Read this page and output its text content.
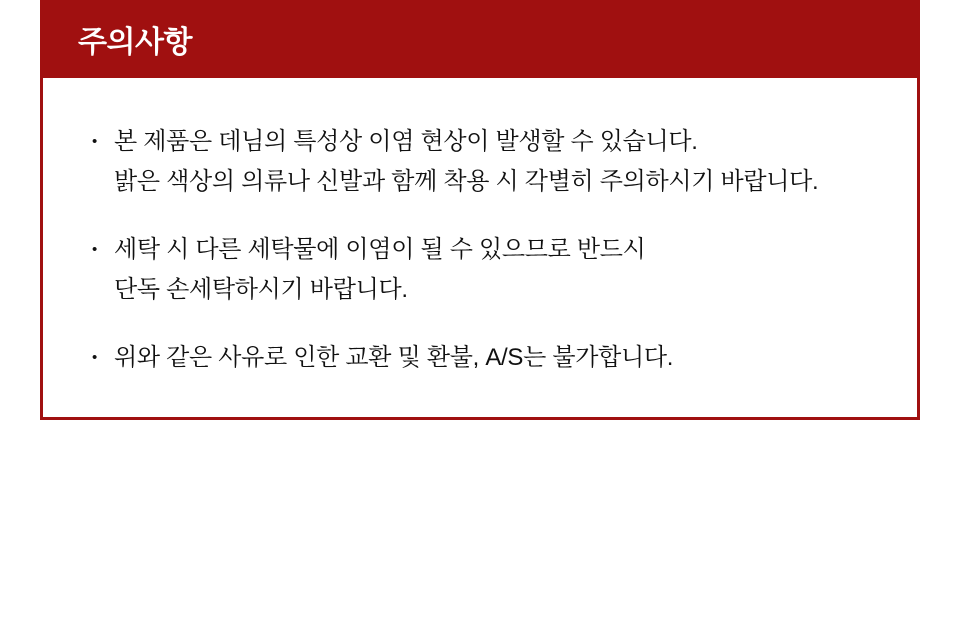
주의사항
• 본 제품은 데님의 특성상 이염 현상이 발생할 수 있습니다.
밝은 색상의 의류나 신발과 함께 착용 시 각별히 주의하시기 바랍니다.
• 세탁 시 다른 세탁물에 이염이 될 수 있으므로 반드시
단독 손세탁하시기 바랍니다.
• 위와 같은 사유로 인한 교환 및 환불, A/S는 불가합니다.
